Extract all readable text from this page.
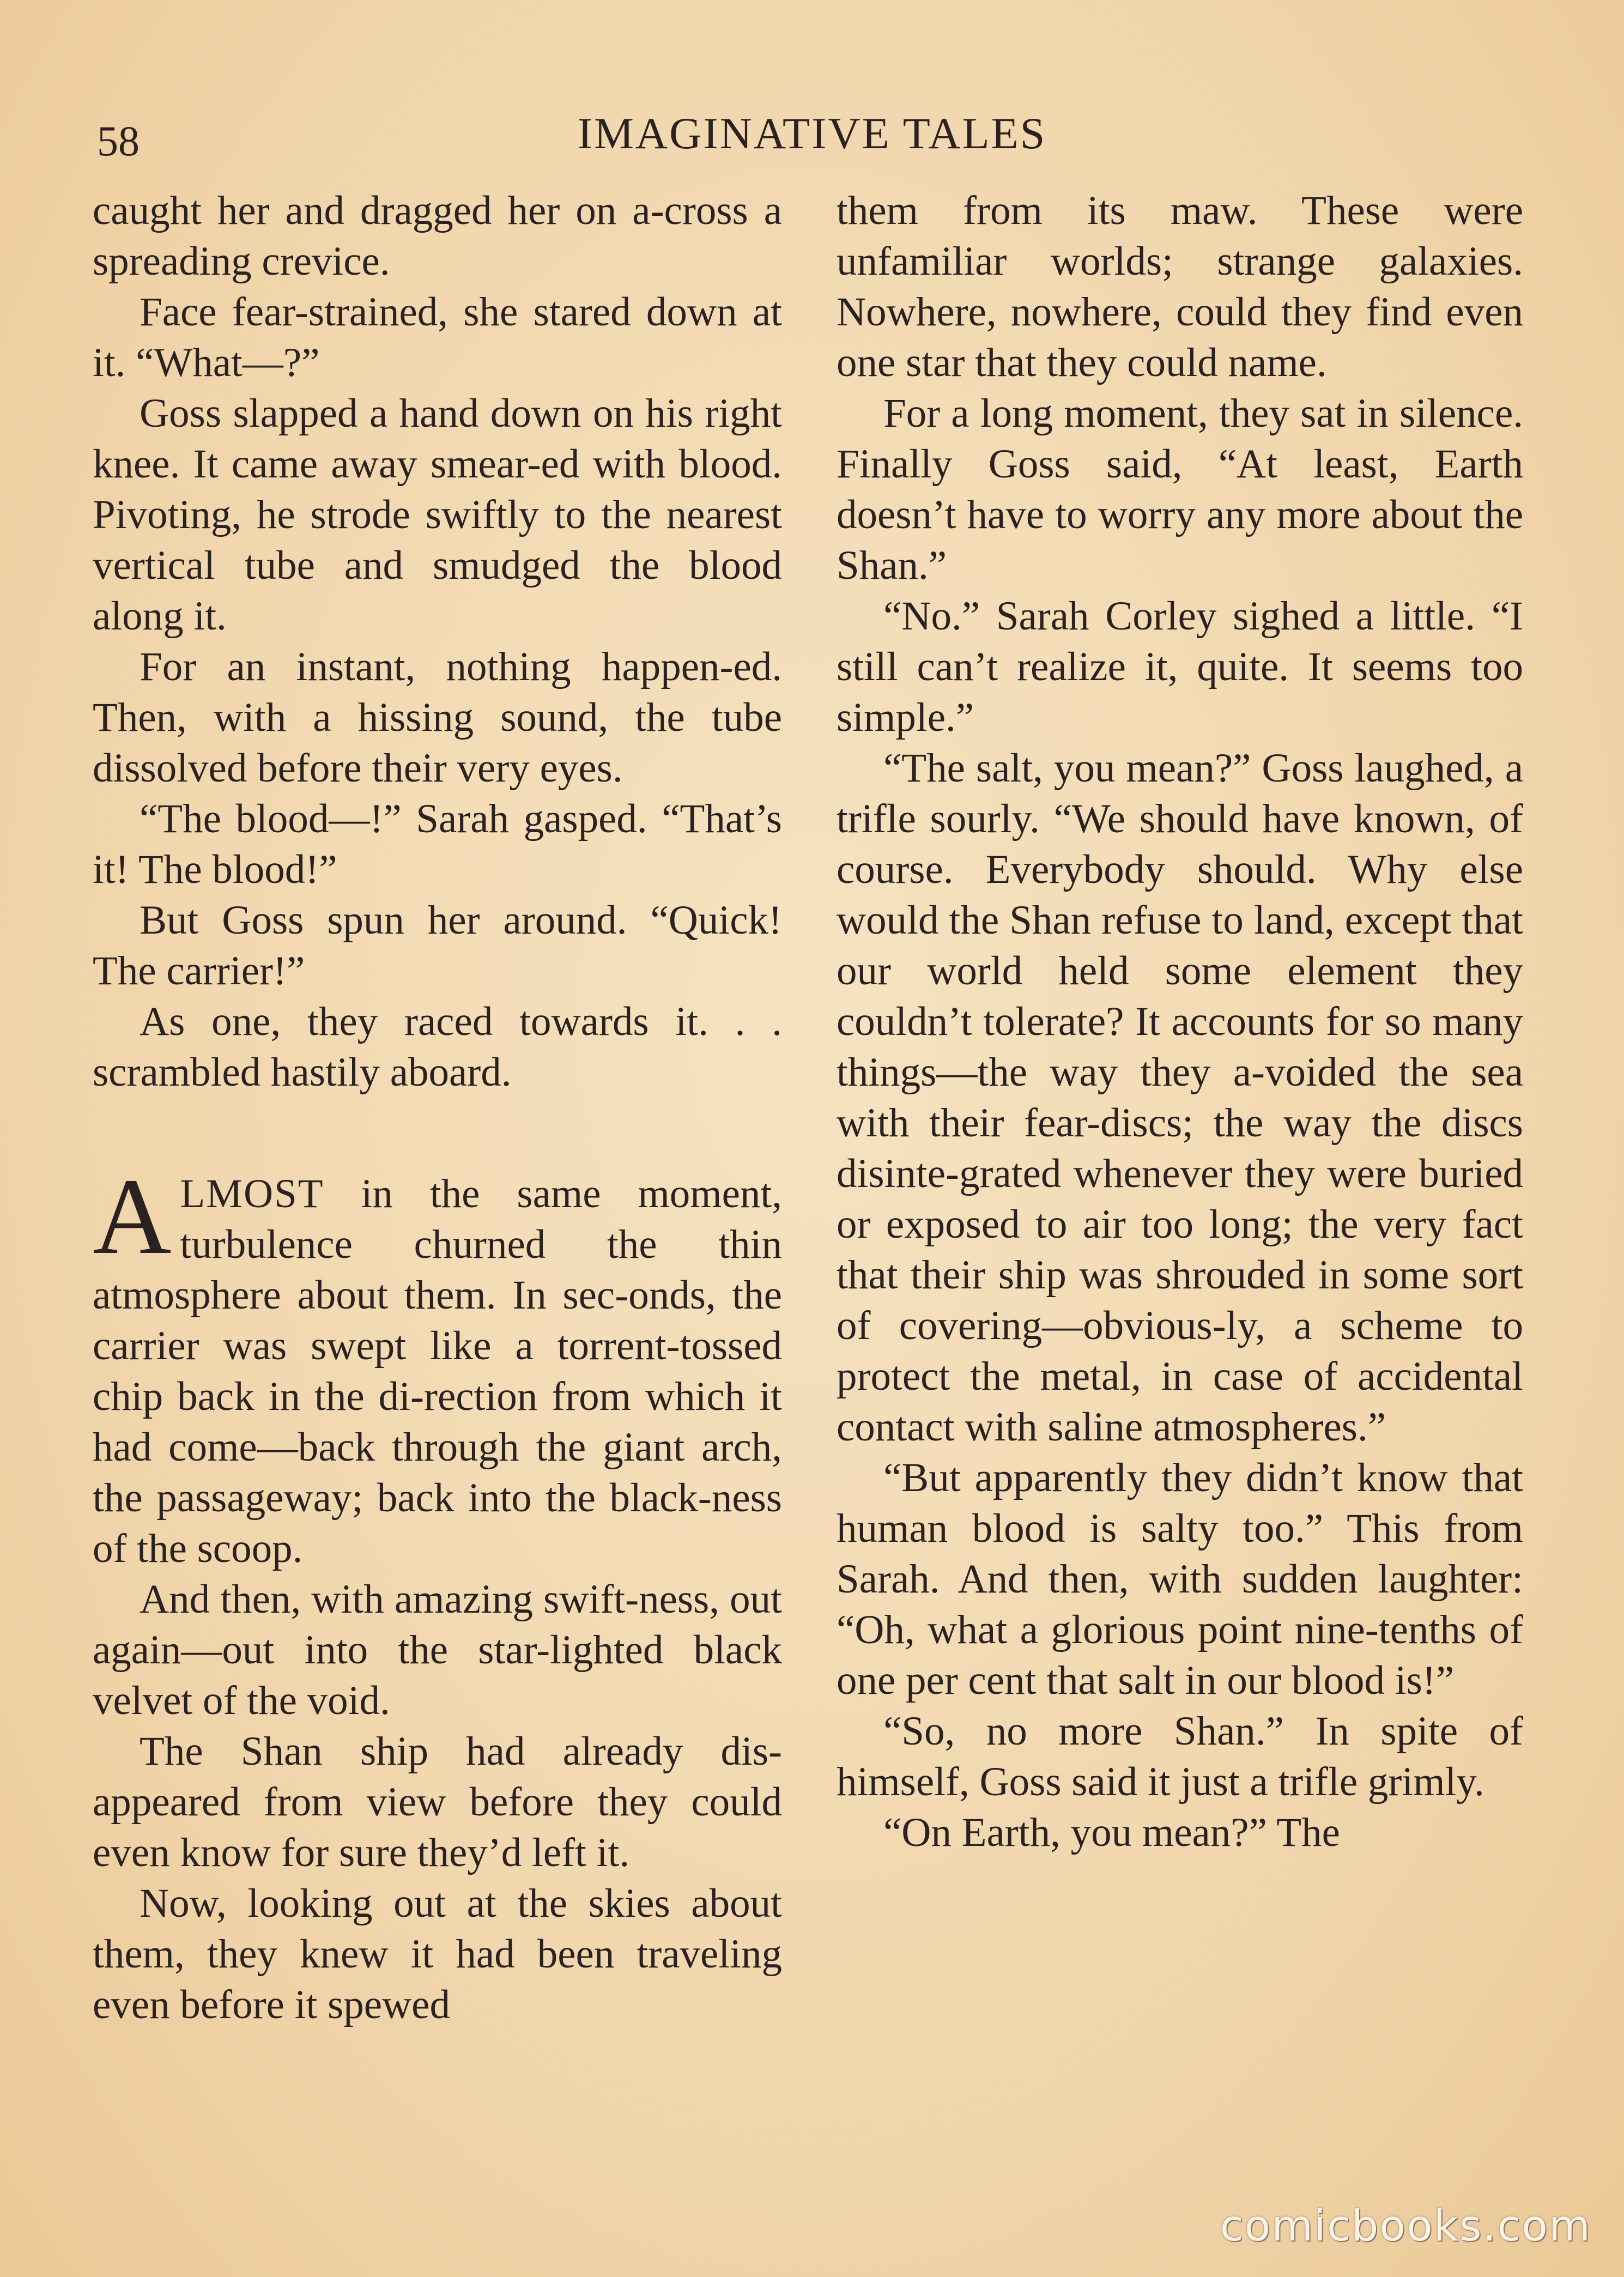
58	IMAGINATIVE TALES

caught her and dragged her on a-cross a spreading crevice.

Face fear-strained, she stared down at it. “What—?”

Goss slapped a hand down on his right knee. It came away smear-ed with blood. Pivoting, he strode swiftly to the nearest vertical tube and smudged the blood along it.

For an instant, nothing happen-ed. Then, with a hissing sound, the tube dissolved before their very eyes.

“The blood—!” Sarah gasped. “That’s it! The blood!”

But Goss spun her around. “Quick! The carrier!”

As one, they raced towards it. . . scrambled hastily aboard.

ALMOST in the same moment, turbulence churned the thin atmosphere about them. In sec-onds, the carrier was swept like a torrent-tossed chip back in the di-rection from which it had come—back through the giant arch, the passageway; back into the black-ness of the scoop.

And then, with amazing swift-ness, out again—out into the star-lighted black velvet of the void.

The Shan ship had already dis-appeared from view before they could even know for sure they’d left it.

Now, looking out at the skies about them, they knew it had been traveling even before it spewed

them from its maw. These were unfamiliar worlds; strange galaxies. Nowhere, nowhere, could they find even one star that they could name.

For a long moment, they sat in silence. Finally Goss said, “At least, Earth doesn’t have to worry any more about the Shan.”

“No.” Sarah Corley sighed a little. “I still can’t realize it, quite. It seems too simple.”

“The salt, you mean?” Goss laughed, a trifle sourly. “We should have known, of course. Everybody should. Why else would the Shan refuse to land, except that our world held some element they couldn’t tolerate? It accounts for so many things—the way they a-voided the sea with their fear-discs; the way the discs disinte-grated whenever they were buried or exposed to air too long; the very fact that their ship was shrouded in some sort of covering—obvious-ly, a scheme to protect the metal, in case of accidental contact with saline atmospheres.”

“But apparently they didn’t know that human blood is salty too.” This from Sarah. And then, with sudden laughter: “Oh, what a glorious point nine-tenths of one per cent that salt in our blood is!”

“So, no more Shan.” In spite of himself, Goss said it just a trifle grimly.

“On Earth, you mean?” The

comicbooks.com
